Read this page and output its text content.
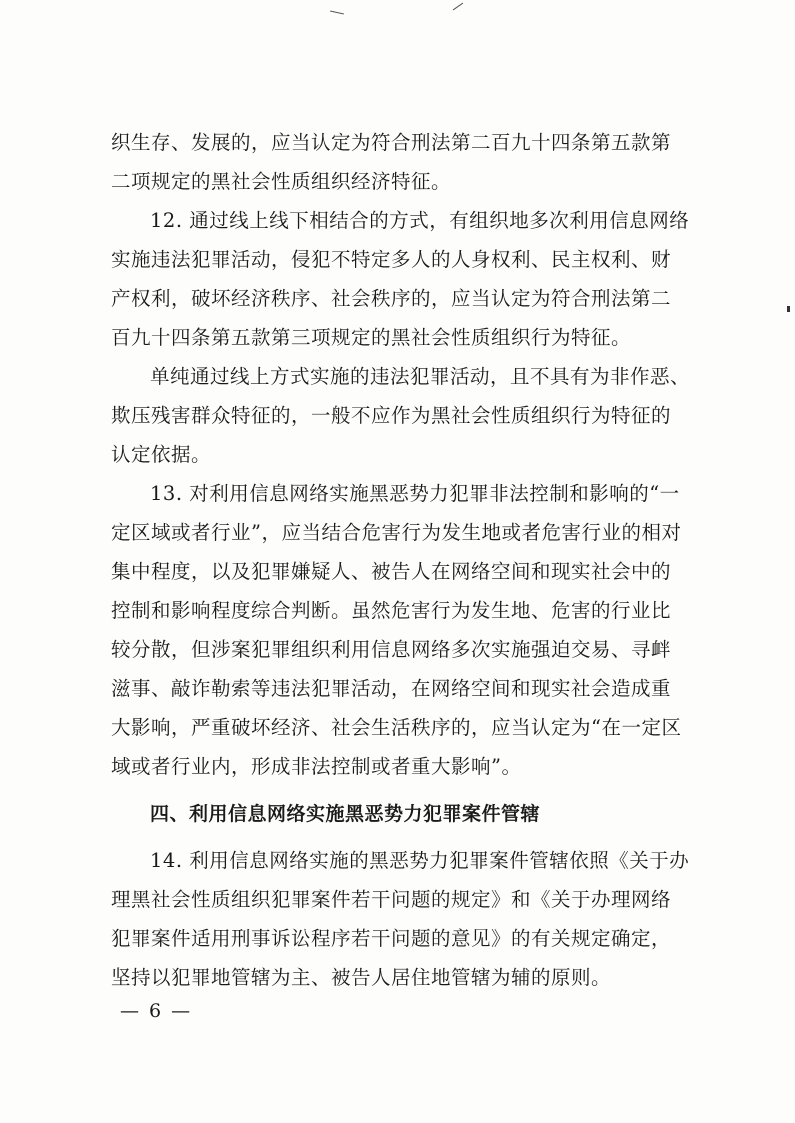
织生存、发展的，应当认定为符合刑法第二百九十四条第五款第
二项规定的黑社会性质组织经济特征。
12. 通过线上线下相结合的方式，有组织地多次利用信息网络
实施违法犯罪活动，侵犯不特定多人的人身权利、民主权利、财
产权利，破坏经济秩序、社会秩序的，应当认定为符合刑法第二
百九十四条第五款第三项规定的黑社会性质组织行为特征。
单纯通过线上方式实施的违法犯罪活动，且不具有为非作恶、
欺压残害群众特征的，一般不应作为黑社会性质组织行为特征的
认定依据。
13. 对利用信息网络实施黑恶势力犯罪非法控制和影响的“一
定区域或者行业”，应当结合危害行为发生地或者危害行业的相对
集中程度，以及犯罪嫌疑人、被告人在网络空间和现实社会中的
控制和影响程度综合判断。虽然危害行为发生地、危害的行业比
较分散，但涉案犯罪组织利用信息网络多次实施强迫交易、寻衅
滋事、敲诈勒索等违法犯罪活动，在网络空间和现实社会造成重
大影响，严重破坏经济、社会生活秩序的，应当认定为“在一定区
域或者行业内，形成非法控制或者重大影响”。
四、利用信息网络实施黑恶势力犯罪案件管辖
14. 利用信息网络实施的黑恶势力犯罪案件管辖依照《关于办
理黑社会性质组织犯罪案件若干问题的规定》和《关于办理网络
犯罪案件适用刑事诉讼程序若干问题的意见》的有关规定确定，
坚持以犯罪地管辖为主、被告人居住地管辖为辅的原则。
— 6 —
